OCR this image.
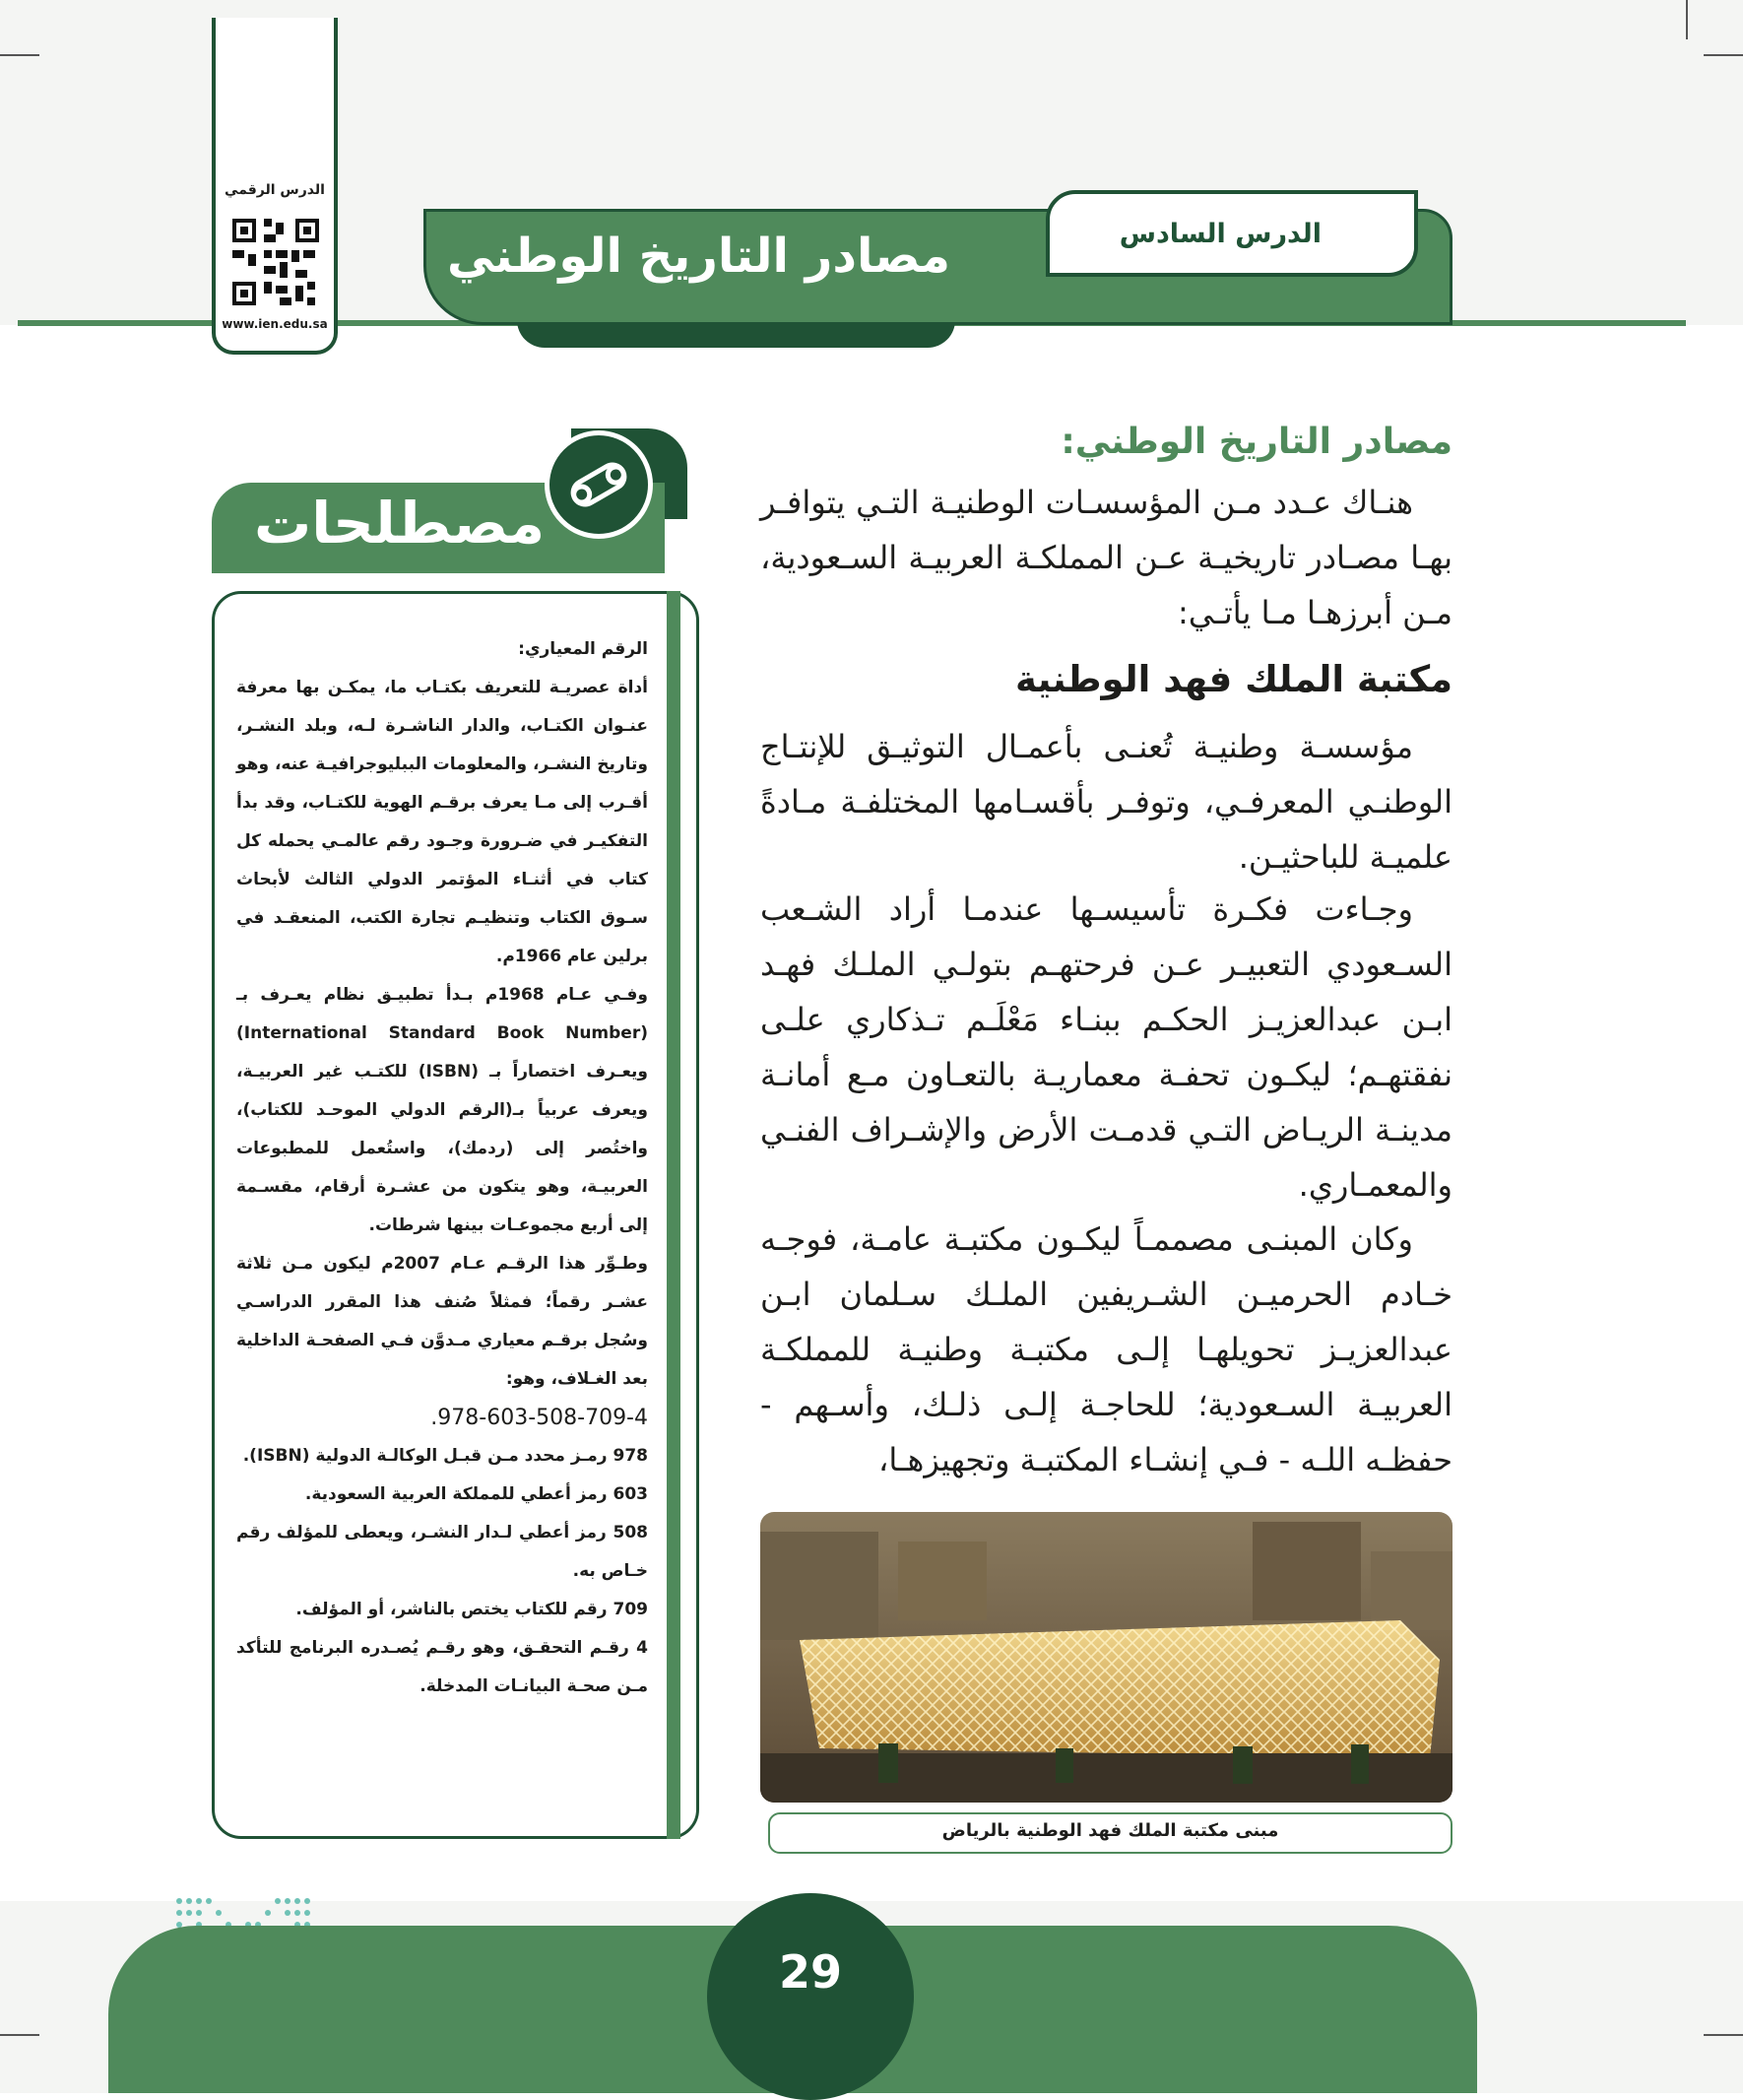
مصادر التاريخ الوطني	الدرس السادس
الدرس الرقمي
www.ien.edu.sa
مصادر التاريخ الوطني:
هنـاك عـدد مـن المؤسسـات الوطنيـة التـي يتوافـر بهـا مصـادر تاريخيـة عـن المملكـة العربيـة السـعودية، مـن أبرزهـا مـا يأتـي:
مكتبة الملك فهد الوطنية
مؤسسـة وطنيـة تُعنـى بأعمـال التوثيـق للإنتـاج الوطنـي المعرفـي، وتوفـر بأقسـامها المختلفـة مـادةً علميـة للباحثيـن.
وجـاءت فكـرة تأسيسـها عندمـا أراد الشـعب السـعودي التعبيـر عـن فرحتهـم بتولـي الملـك فهـد ابـن عبدالعزيـز الحكـم ببنـاء مَعْلَـم تـذكاري علـى نفقتهـم؛ ليكـون تحفـة معماريـة بالتعـاون مـع أمانـة مدينـة الريـاض التـي قدمـت الأرض والإشـراف الفنـي والمعمـاري.
وكان المبنـى مصممـاً ليكـون مكتبـة عامـة، فوجـه خـادم الحرميـن الشـريفين الملـك سـلمان ابـن عبدالعزيـز تحويلهـا إلـى مكتبـة وطنيـة للمملكـة العربيـة السـعودية؛ للحاجـة إلـى ذلـك، وأسـهم - حفظـه اللـه - فـي إنشـاء المكتبـة وتجهيزهـا،
مبنى مكتبة الملك فهد الوطنية بالرياض
مصطلحات

الرقم المعياري:

أداة عصريـة للتعريف بكتـاب ما، يمكـن بها معرفة عنـوان الكتـاب، والدار الناشـرة لـه، وبلد النشـر، وتاريخ النشـر، والمعلومات الببليوجرافيـة عنه، وهو أقـرب إلى مـا يعرف برقـم الهوية للكتـاب، وقد بدأ التفكيـر في ضـرورة وجـود رقم عالمـي يحمله كل كتاب في أثنـاء المؤتمر الدولي الثالث لأبحاث سـوق الكتاب وتنظيـم تجارة الكتب، المنعقـد في برلين عام 1966م.

وفـي عـام 1968م بـدأ تطبيـق نظام يعـرف بـ (International Standard Book Number) ويعـرف اختصاراً بـ (ISBN) للكتـب غير العربيـة، ويعرف عربياً بـ(الرقم الدولي الموحـد للكتاب)، واختُصر إلى (ردمك)، واستُعمل للمطبوعات العربيـة، وهو يتكون من عشـرة أرقام، مقسـمة إلى أربع مجموعـات بينها شرطات.

وطـوِّر هذا الرقـم عـام 2007م ليكون مـن ثلاثة عشـر رقماً؛ فمثلاً صُنف هذا المقرر الدراسـي وسُجل برقـم معياري مـدوَّن فـي الصفحـة الداخلية بعد الغـلاف، وهو:

978-603-508-709-4.

978 رمـز محدد مـن قبـل الوكالـة الدولية (ISBN).

603 رمز أعطي للمملكة العربية السعودية.

508 رمز أعطي لـدار النشـر، ويعطى للمؤلف رقم خـاص به.

709 رقم للكتاب يختص بالناشر، أو المؤلف.

4 رقـم التحقـق، وهو رقـم يُصـدره البرنامج للتأكد مـن صحـة البيانـات المدخلة.

29
